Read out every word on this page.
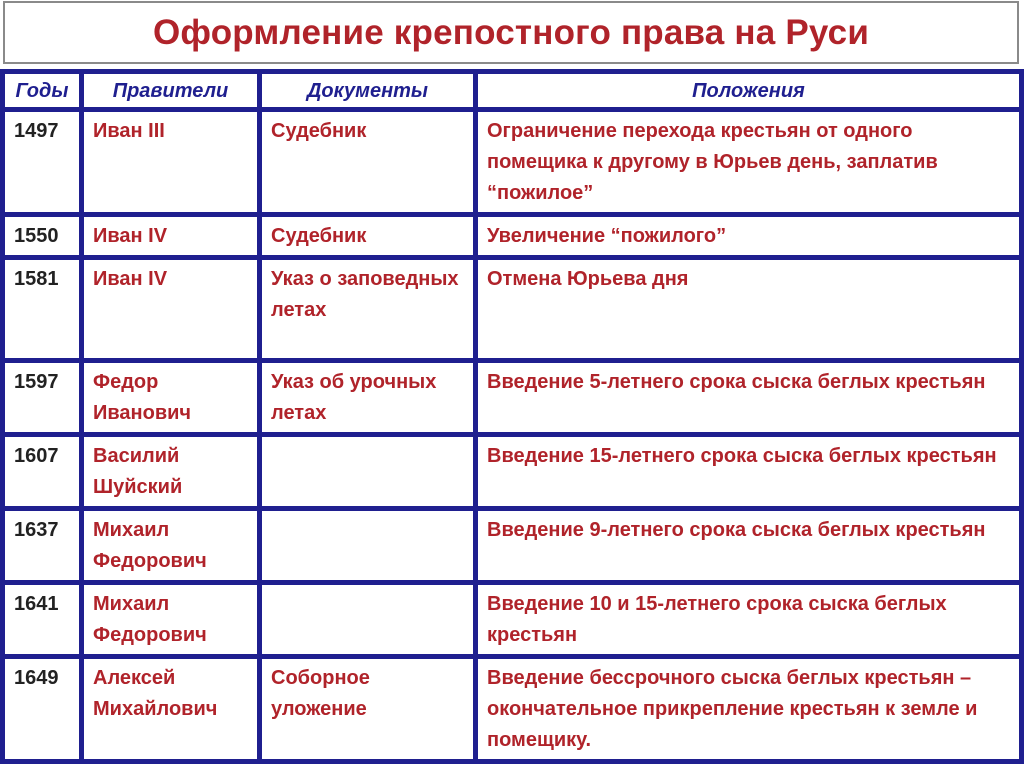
Оформление крепостного права на Руси
Годы	Правители	Документы	Положения
1497	Иван III	Судебник	Ограничение перехода крестьян от одного помещика к другому в Юрьев день, заплатив “пожилое”
1550	Иван IV	Судебник	Увеличение “пожилого”
1581	Иван IV	Указ о заповедных летах	Отмена Юрьева дня
1597	Федор Иванович	Указ об урочных летах	Введение 5-летнего срока сыска беглых крестьян
1607	Василий Шуйский		Введение 15-летнего срока сыска беглых крестьян
1637	Михаил Федорович		Введение 9-летнего срока сыска беглых крестьян
1641	Михаил Федорович		Введение 10 и 15-летнего срока сыска беглых крестьян
1649	Алексей Михайлович	Соборное уложение	Введение бессрочного сыска беглых крестьян – окончательное прикрепление крестьян к земле и помещику.
